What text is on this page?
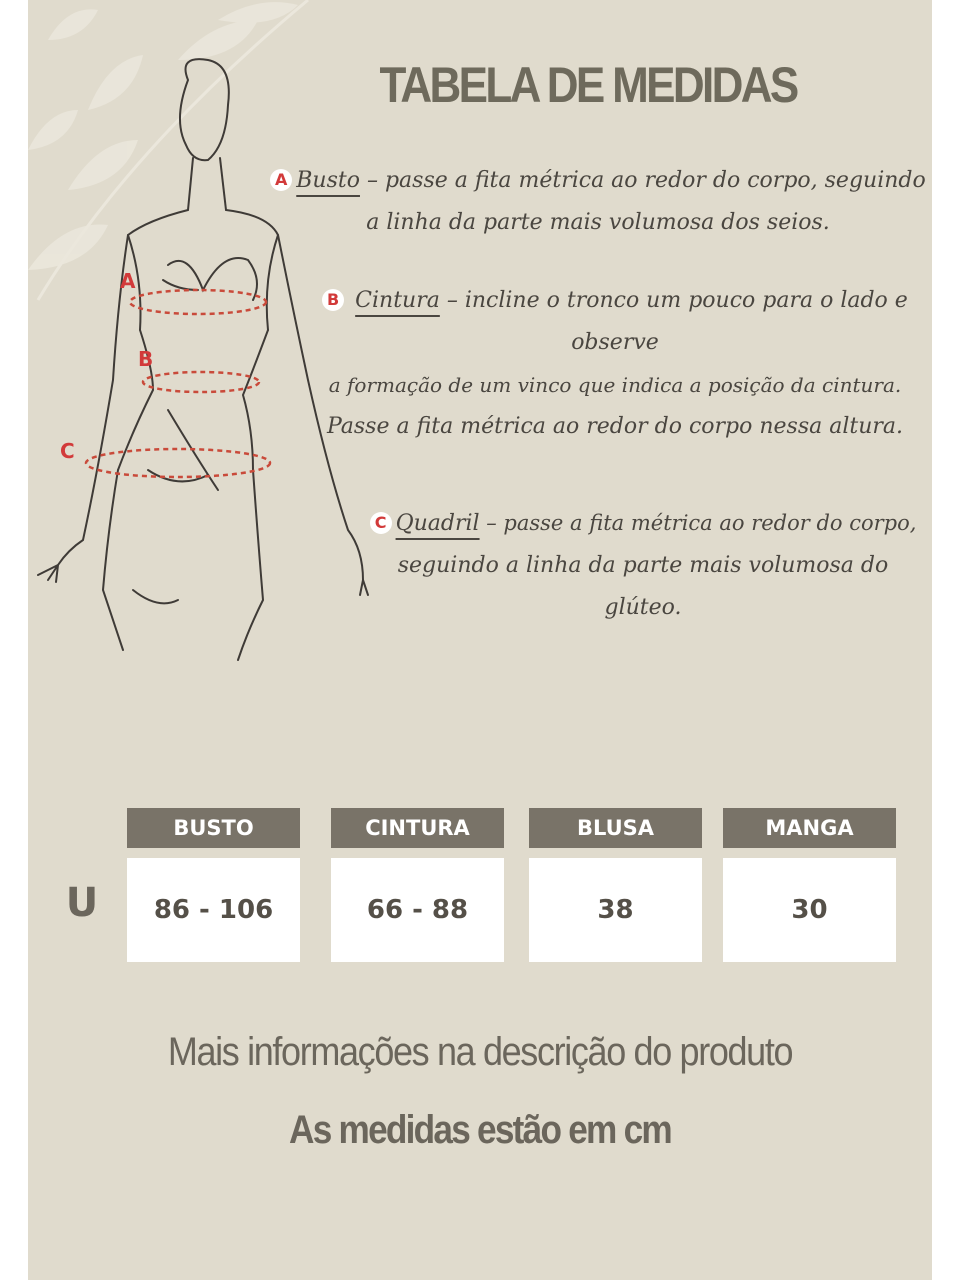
A
B
C
TABELA DE MEDIDAS
A Busto – passe a fita métrica ao redor do corpo, seguindo
a linha da parte mais volumosa dos seios.
B Cintura – incline o tronco um pouco para o lado e
observe
a formação de um vinco que indica a posição da cintura.
Passe a fita métrica ao redor do corpo nessa altura.
C Quadril – passe a fita métrica ao redor do corpo,
seguindo a linha da parte mais volumosa do
glúteo.
BUSTO	CINTURA	BLUSA	MANGA
U	86 - 106	66 - 88	38	30
Mais informações na descrição do produto
As medidas estão em cm
